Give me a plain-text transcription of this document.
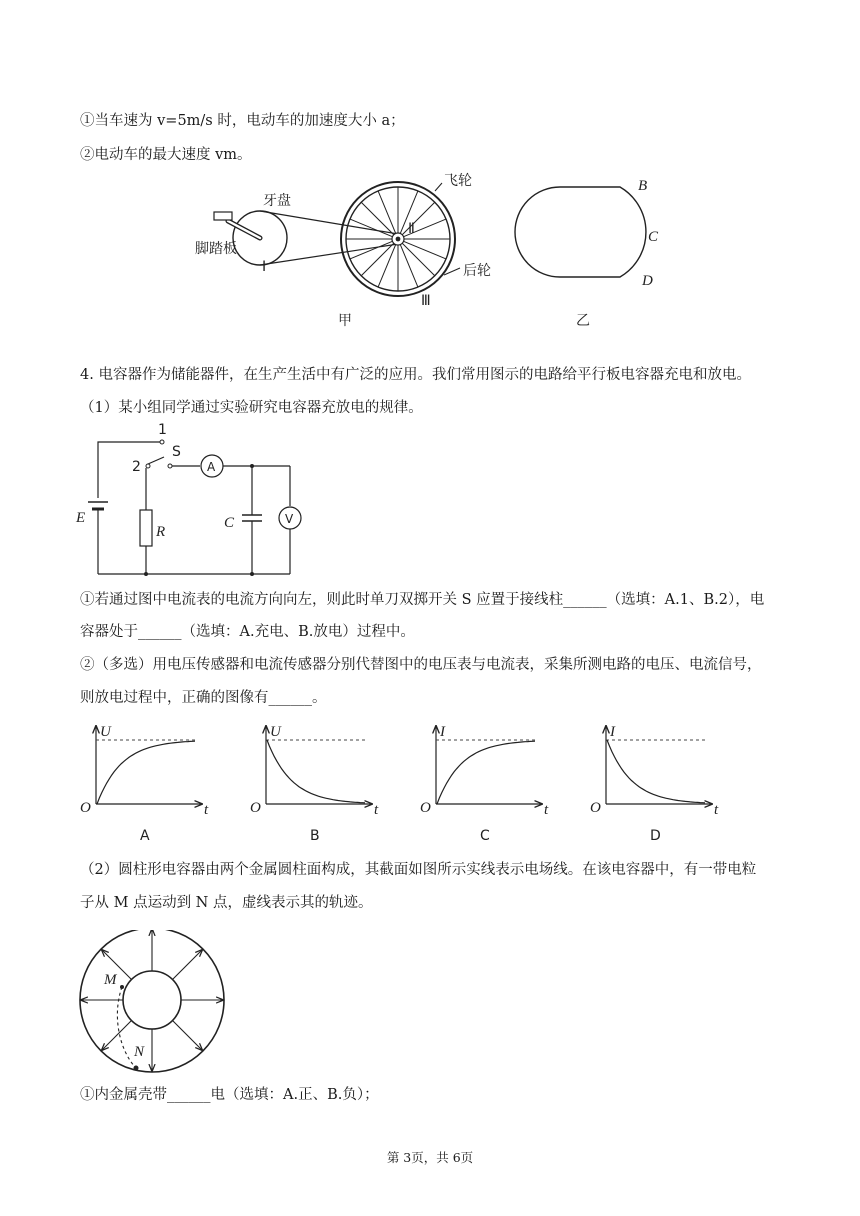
①当车速为 v=5m/s 时，电动车的加速度大小 a；
②电动车的最大速度 vm。
牙盘
脚踏板
I
飞轮
Ⅱ
后轮
Ⅲ
甲
B
C
D
乙
4. 电容器作为储能器件，在生产生活中有广泛的应用。我们常用图示的电路给平行板电容器充电和放电。
（1）某小组同学通过实验研究电容器充放电的规律。
1
2
S
E
R
C
A
V
①若通过图中电流表的电流方向向左，则此时单刀双掷开关 S 应置于接线柱______（选填：A.1、B.2），电
容器处于______（选填：A.充电、B.放电）过程中。
②（多选）用电压传感器和电流传感器分别代替图中的电压表与电流表，采集所测电路的电压、电流信号，
则放电过程中，正确的图像有______。
U
O	t
A
U
O	t
B
I
O	t
C
I
O	t
D
（2）圆柱形电容器由两个金属圆柱面构成，其截面如图所示实线表示电场线。在该电容器中，有一带电粒
子从 M 点运动到 N 点，虚线表示其的轨迹。
M
N
①内金属壳带______电（选填：A.正、B.负）；
第 3页，共 6页
